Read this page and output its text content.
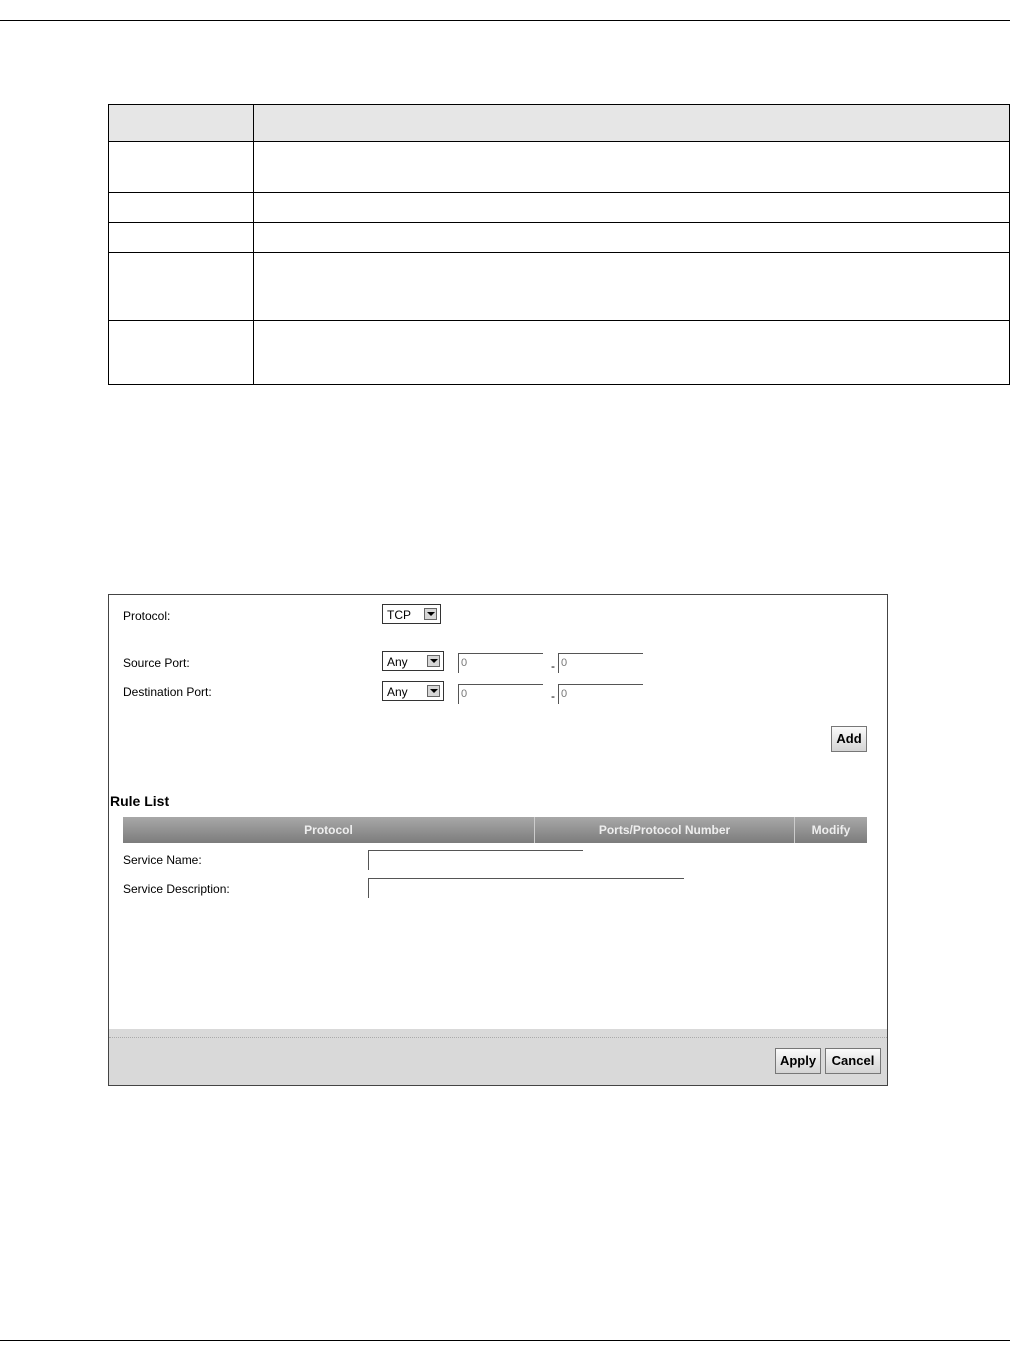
Protocol:	TCP
Source Port:	Any	0	- 0
Destination Port:	Any	0	- 0
Add
Rule List
Protocol	Ports/Protocol Number	Modify
Service Name:
Service Description:
Apply	Cancel
